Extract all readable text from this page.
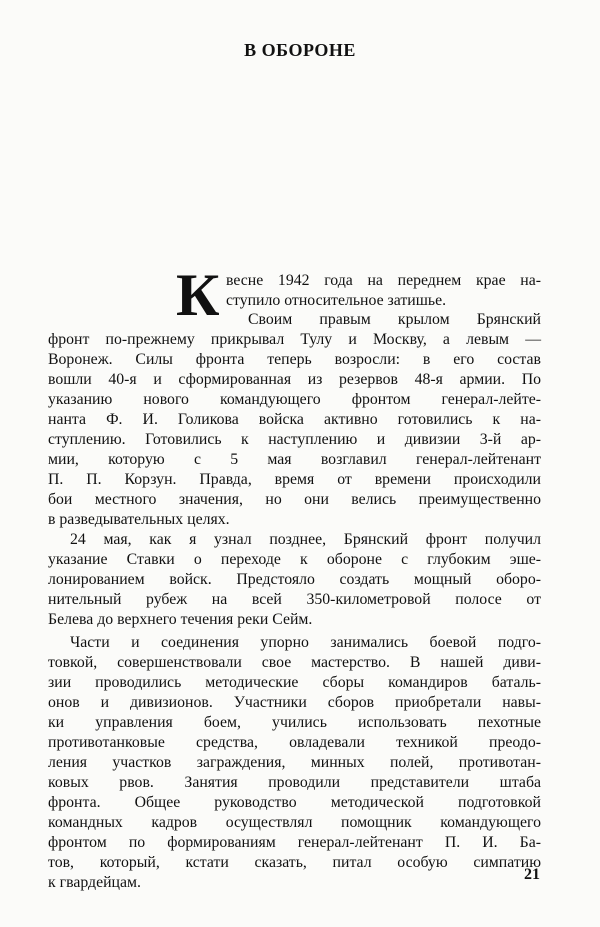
В ОБОРОНЕ
К весне 1942 года на переднем крае на-
ступило относительное затишье.
Своим правым крылом Брянский
фронт по-прежнему прикрывал Тулу и Москву, а левым —
Воронеж. Силы фронта теперь возросли: в его состав
вошли 40-я и сформированная из резервов 48-я армии. По
указанию нового командующего фронтом генерал-лейте-
нанта Ф. И. Голикова войска активно готовились к на-
ступлению. Готовились к наступлению и дивизии 3-й ар-
мии, которую с 5 мая возглавил генерал-лейтенант
П. П. Корзун. Правда, время от времени происходили
бои местного значения, но они велись преимущественно
в разведывательных целях.
24 мая, как я узнал позднее, Брянский фронт получил
указание Ставки о переходе к обороне с глубоким эше-
лонированием войск. Предстояло создать мощный оборо-
нительный рубеж на всей 350-километровой полосе от
Белева до верхнего течения реки Сейм.
Части и соединения упорно занимались боевой подго-
товкой, совершенствовали свое мастерство. В нашей диви-
зии проводились методические сборы командиров баталь-
онов и дивизионов. Участники сборов приобретали навы-
ки управления боем, учились использовать пехотные
противотанковые средства, овладевали техникой преодо-
ления участков заграждения, минных полей, противотан-
ковых рвов. Занятия проводили представители штаба
фронта. Общее руководство методической подготовкой
командных кадров осуществлял помощник командующего
фронтом по формированиям генерал-лейтенант П. И. Ба-
тов, который, кстати сказать, питал особую симпатию
к гвардейцам.	21
